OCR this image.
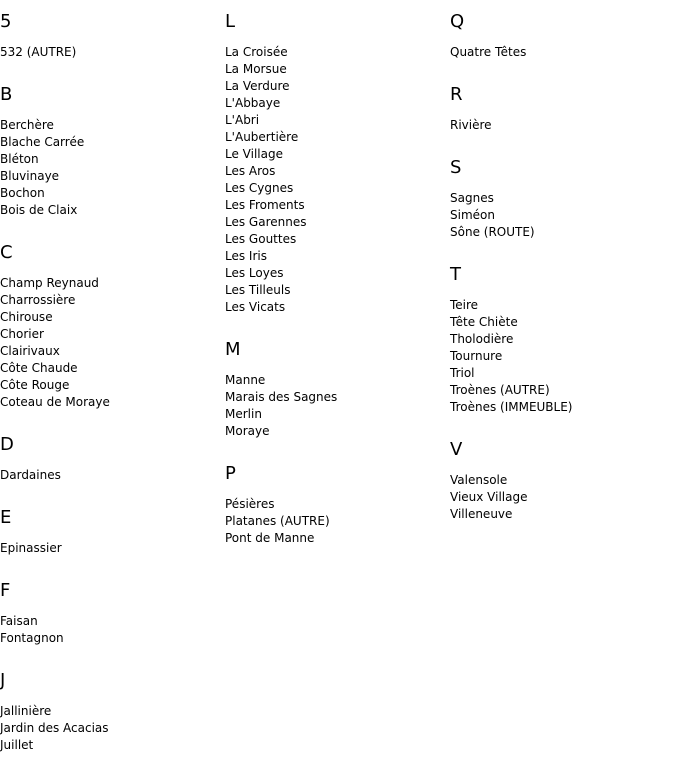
5
532 (AUTRE)
B
Berchère
Blache Carrée
Bléton
Bluvinaye
Bochon
Bois de Claix
C
Champ Reynaud
Charrossière
Chirouse
Chorier
Clairivaux
Côte Chaude
Côte Rouge
Coteau de Moraye
D
Dardaines
E
Epinassier
F
Faisan
Fontagnon
J
Jallinière
Jardin des Acacias
Juillet
L
La Croisée
La Morsue
La Verdure
L'Abbaye
L'Abri
L'Aubertière
Le Village
Les Aros
Les Cygnes
Les Froments
Les Garennes
Les Gouttes
Les Iris
Les Loyes
Les Tilleuls
Les Vicats
M
Manne
Marais des Sagnes
Merlin
Moraye
P
Pésières
Platanes (AUTRE)
Pont de Manne
Q
Quatre Têtes
R
Rivière
S
Sagnes
Siméon
Sône (ROUTE)
T
Teire
Tête Chiète
Tholodière
Tournure
Triol
Troènes (AUTRE)
Troènes (IMMEUBLE)
V
Valensole
Vieux Village
Villeneuve
